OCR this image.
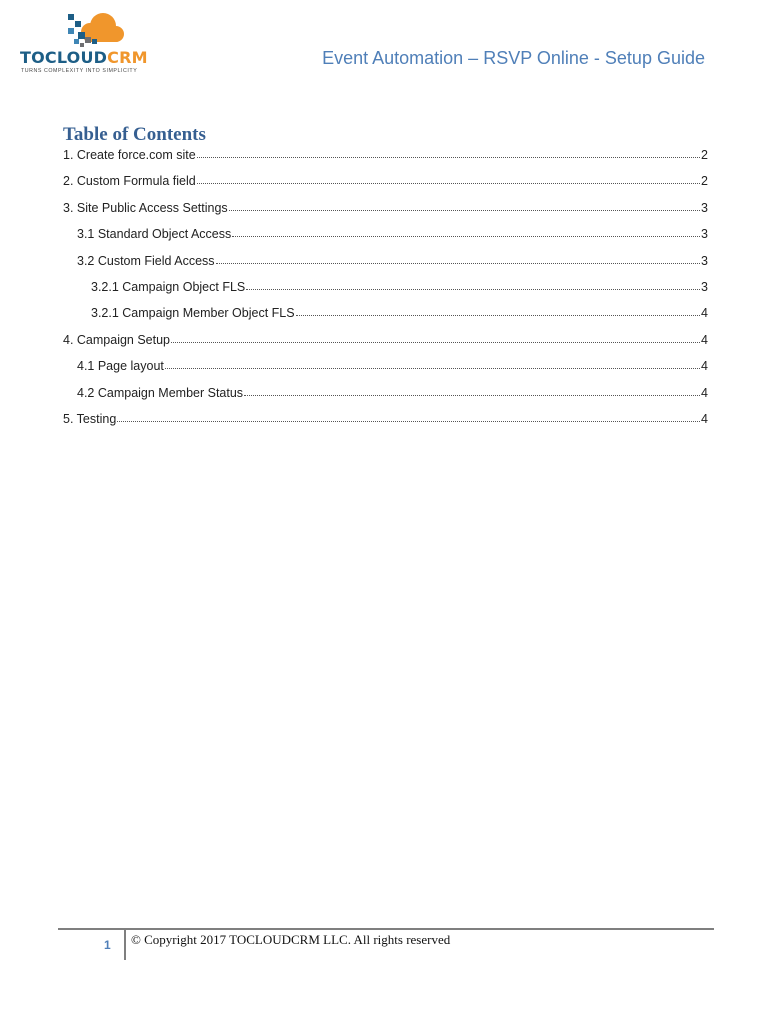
TOCLOUDCRM
TURNS COMPLEXITY INTO SIMPLICITY
Event Automation – RSVP Online - Setup Guide
Table of Contents
1. Create force.com site	2
2. Custom Formula field	2
3. Site Public Access Settings	3
3.1 Standard Object Access	3
3.2 Custom Field Access	3
3.2.1 Campaign Object FLS	3
3.2.1 Campaign Member Object FLS	4
4. Campaign Setup	4
4.1 Page layout	4
4.2 Campaign Member Status	4
5. Testing	4
1 © Copyright 2017 TOCLOUDCRM LLC. All rights reserved
